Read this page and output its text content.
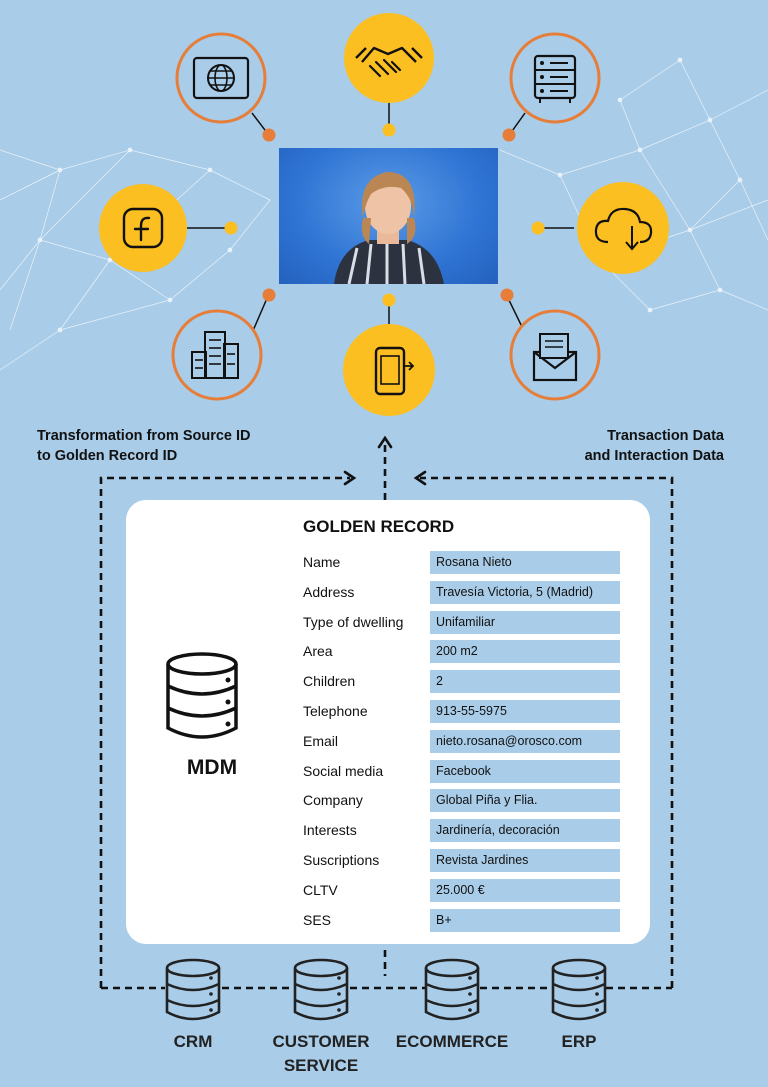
Transformation from Source ID
to Golden Record ID
Transaction Data
and Interaction Data
MDM
GOLDEN RECORD
Name	Rosana Nieto
Address	Travesía Victoria, 5 (Madrid)
Type of dwelling	Unifamiliar
Area	200 m2
Children	2
Telephone	913-55-5975
Email	nieto.rosana@orosco.com
Social media	Facebook
Company	Global Piña y Flia.
Interests	Jardinería, decoración
Suscriptions	Revista Jardines
CLTV	25.000 €
SES	B+
CRM	CUSTOMER
SERVICE
ECOMMERCE	ERP
